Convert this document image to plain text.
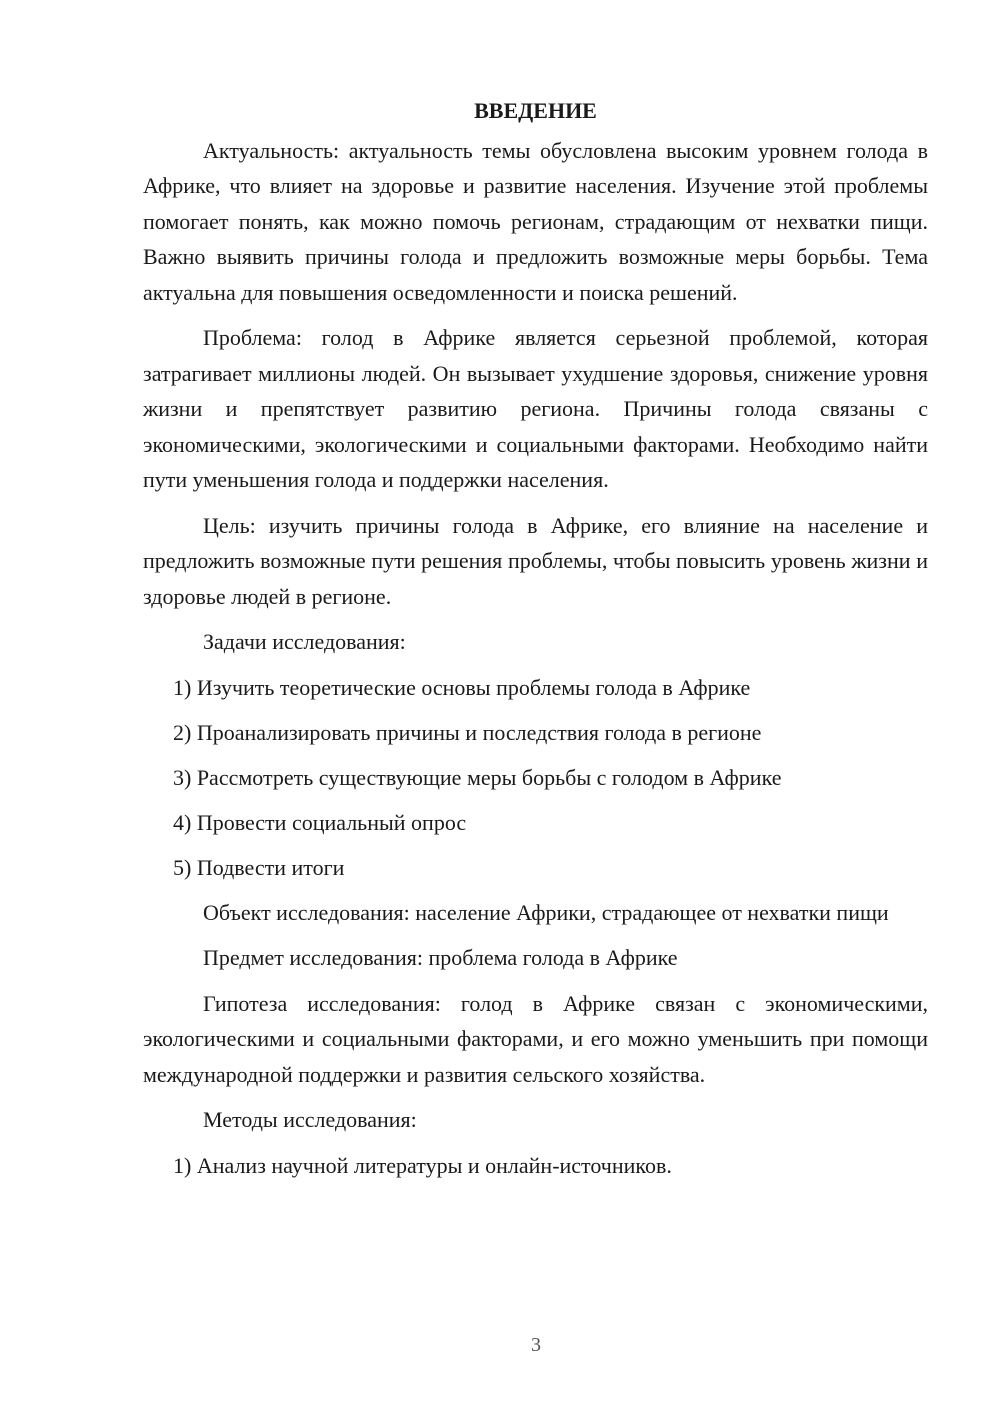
ВВЕДЕНИЕ
Актуальность: актуальность темы обусловлена высоким уровнем голода в Африке, что влияет на здоровье и развитие населения. Изучение этой проблемы помогает понять, как можно помочь регионам, страдающим от нехватки пищи. Важно выявить причины голода и предложить возможные меры борьбы. Тема актуальна для повышения осведомленности и поиска решений.
Проблема: голод в Африке является серьезной проблемой, которая затрагивает миллионы людей. Он вызывает ухудшение здоровья, снижение уровня жизни и препятствует развитию региона. Причины голода связаны с экономическими, экологическими и социальными факторами. Необходимо найти пути уменьшения голода и поддержки населения.
Цель: изучить причины голода в Африке, его влияние на население и предложить возможные пути решения проблемы, чтобы повысить уровень жизни и здоровье людей в регионе.
Задачи исследования:
1) Изучить теоретические основы проблемы голода в Африке
2) Проанализировать причины и последствия голода в регионе
3) Рассмотреть существующие меры борьбы с голодом в Африке
4) Провести социальный опрос
5) Подвести итоги
Объект исследования: население Африки, страдающее от нехватки пищи
Предмет исследования: проблема голода в Африке
Гипотеза исследования: голод в Африке связан с экономическими, экологическими и социальными факторами, и его можно уменьшить при помощи международной поддержки и развития сельского хозяйства.
Методы исследования:
1) Анализ научной литературы и онлайн-источников.
3
